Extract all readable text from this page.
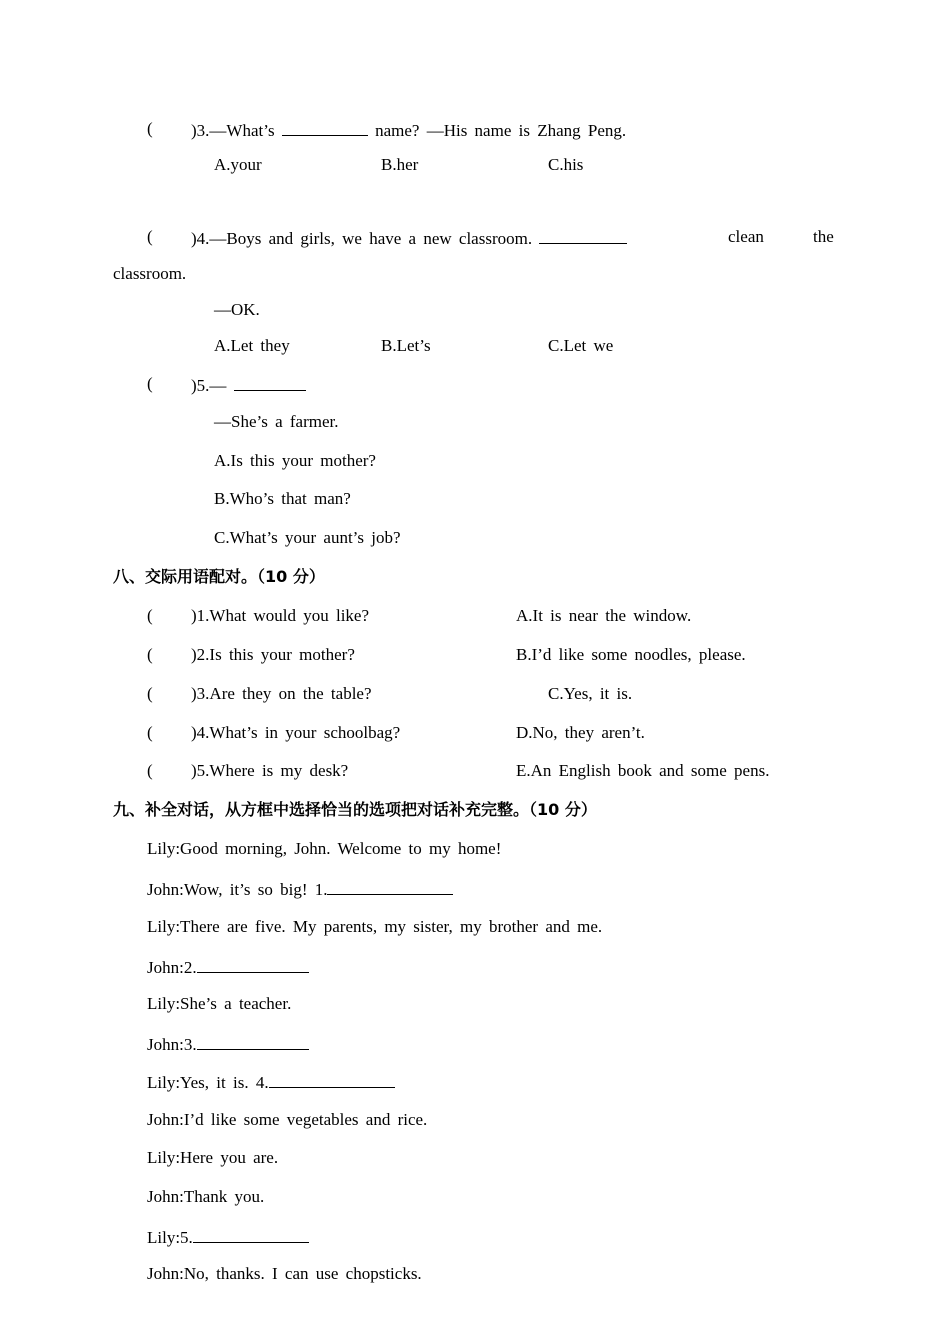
( )3.—What’s	name? —His name is Zhang Peng.
A.your	B.her	C.his
( )4.—Boys and girls, we have a new classroom.	clean	the
classroom.
—OK.
A.Let they	B.Let’s	C.Let we
( )5.—
—She’s a farmer.
A.Is this your mother?
B.Who’s that man?
C.What’s your aunt’s job?
八、交际用语配对。（10 分）
( )1.What would you like?	A.It is near the window.
( )2.Is this your mother?	B.I’d like some noodles, please.
( )3.Are they on the table?	C.Yes, it is.
( )4.What’s in your schoolbag?	D.No, they aren’t.
( )5.Where is my desk?	E.An English book and some pens.
九、补全对话，从方框中选择恰当的选项把对话补充完整。（10 分）
Lily:Good morning, John. Welcome to my home!
John:Wow, it’s so big! 1.
Lily:There are five. My parents, my sister, my brother and me.
John:2.
Lily:She’s a teacher.
John:3.
Lily:Yes, it is. 4.
John:I’d like some vegetables and rice.
Lily:Here you are.
John:Thank you.
Lily:5.
John:No, thanks. I can use chopsticks.
